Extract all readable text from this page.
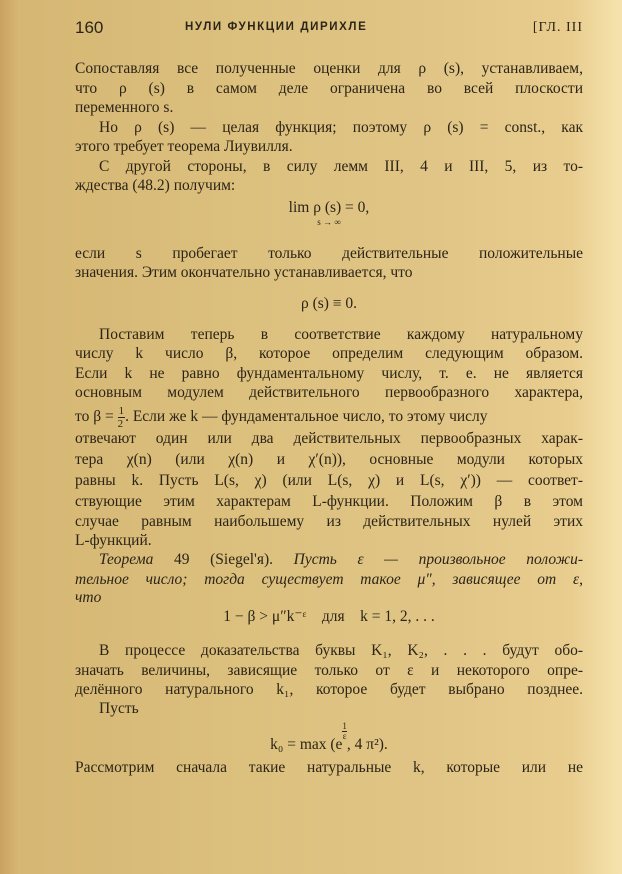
160	НУЛИ ФУНКЦИИ ДИРИХЛЕ	[ГЛ. III
Сопоставляя все полученные оценки для ρ (s), устанавливаем,
что ρ (s) в самом деле ограничена во всей плоскости
переменного s.
Но ρ (s) — целая функция; поэтому ρ (s) = const., как
этого требует теорема Лиувилля.
С другой стороны, в силу лемм III, 4 и III, 5, из то-
ждества (48.2) получим:
lim ρ (s) = 0,
s → ∞
если s пробегает только действительные положительные
значения. Этим окончательно устанавливается, что
ρ (s) ≡ 0.
Поставим теперь в соответствие каждому натуральному
числу k число β, которое определим следующим образом.
Если k не равно фундаментальному числу, т. е. не является
основным модулем действительного первообразного характера,
то $\beta = \frac{1}{2}$ . Если же k — фундаментальное число, то этому числу
отвечают один или два действительных первообразных харак-
тера χ(n) (или χ(n) и χ′(n)), основные модули которых
равны k. Пусть L(s, χ) (или L(s, χ) и L(s, χ′)) — соответ-
ствующие этим характерам L-функции. Положим β в этом
случае равным наибольшему из действительных нулей этих
L-функций.
Теорема 49 (Siegel'я). Пусть ε — произвольное положи-
тельное число; тогда существует такое μ″, зависящее от ε,
что
1 − β > μ″k⁻ᵋ    для    k = 1, 2, . . .
В процессе доказательства буквы K₁, K₂, . . . будут обо-
значать величины, зависящие только от ε и некоторого опре-
делённого натурального k₁, которое будет выбрано позднее.
Пусть
k₀ = max (e
$\frac{1}{\varepsilon}$
, 4 π²).
Рассмотрим сначала такие натуральные k, которые или не
